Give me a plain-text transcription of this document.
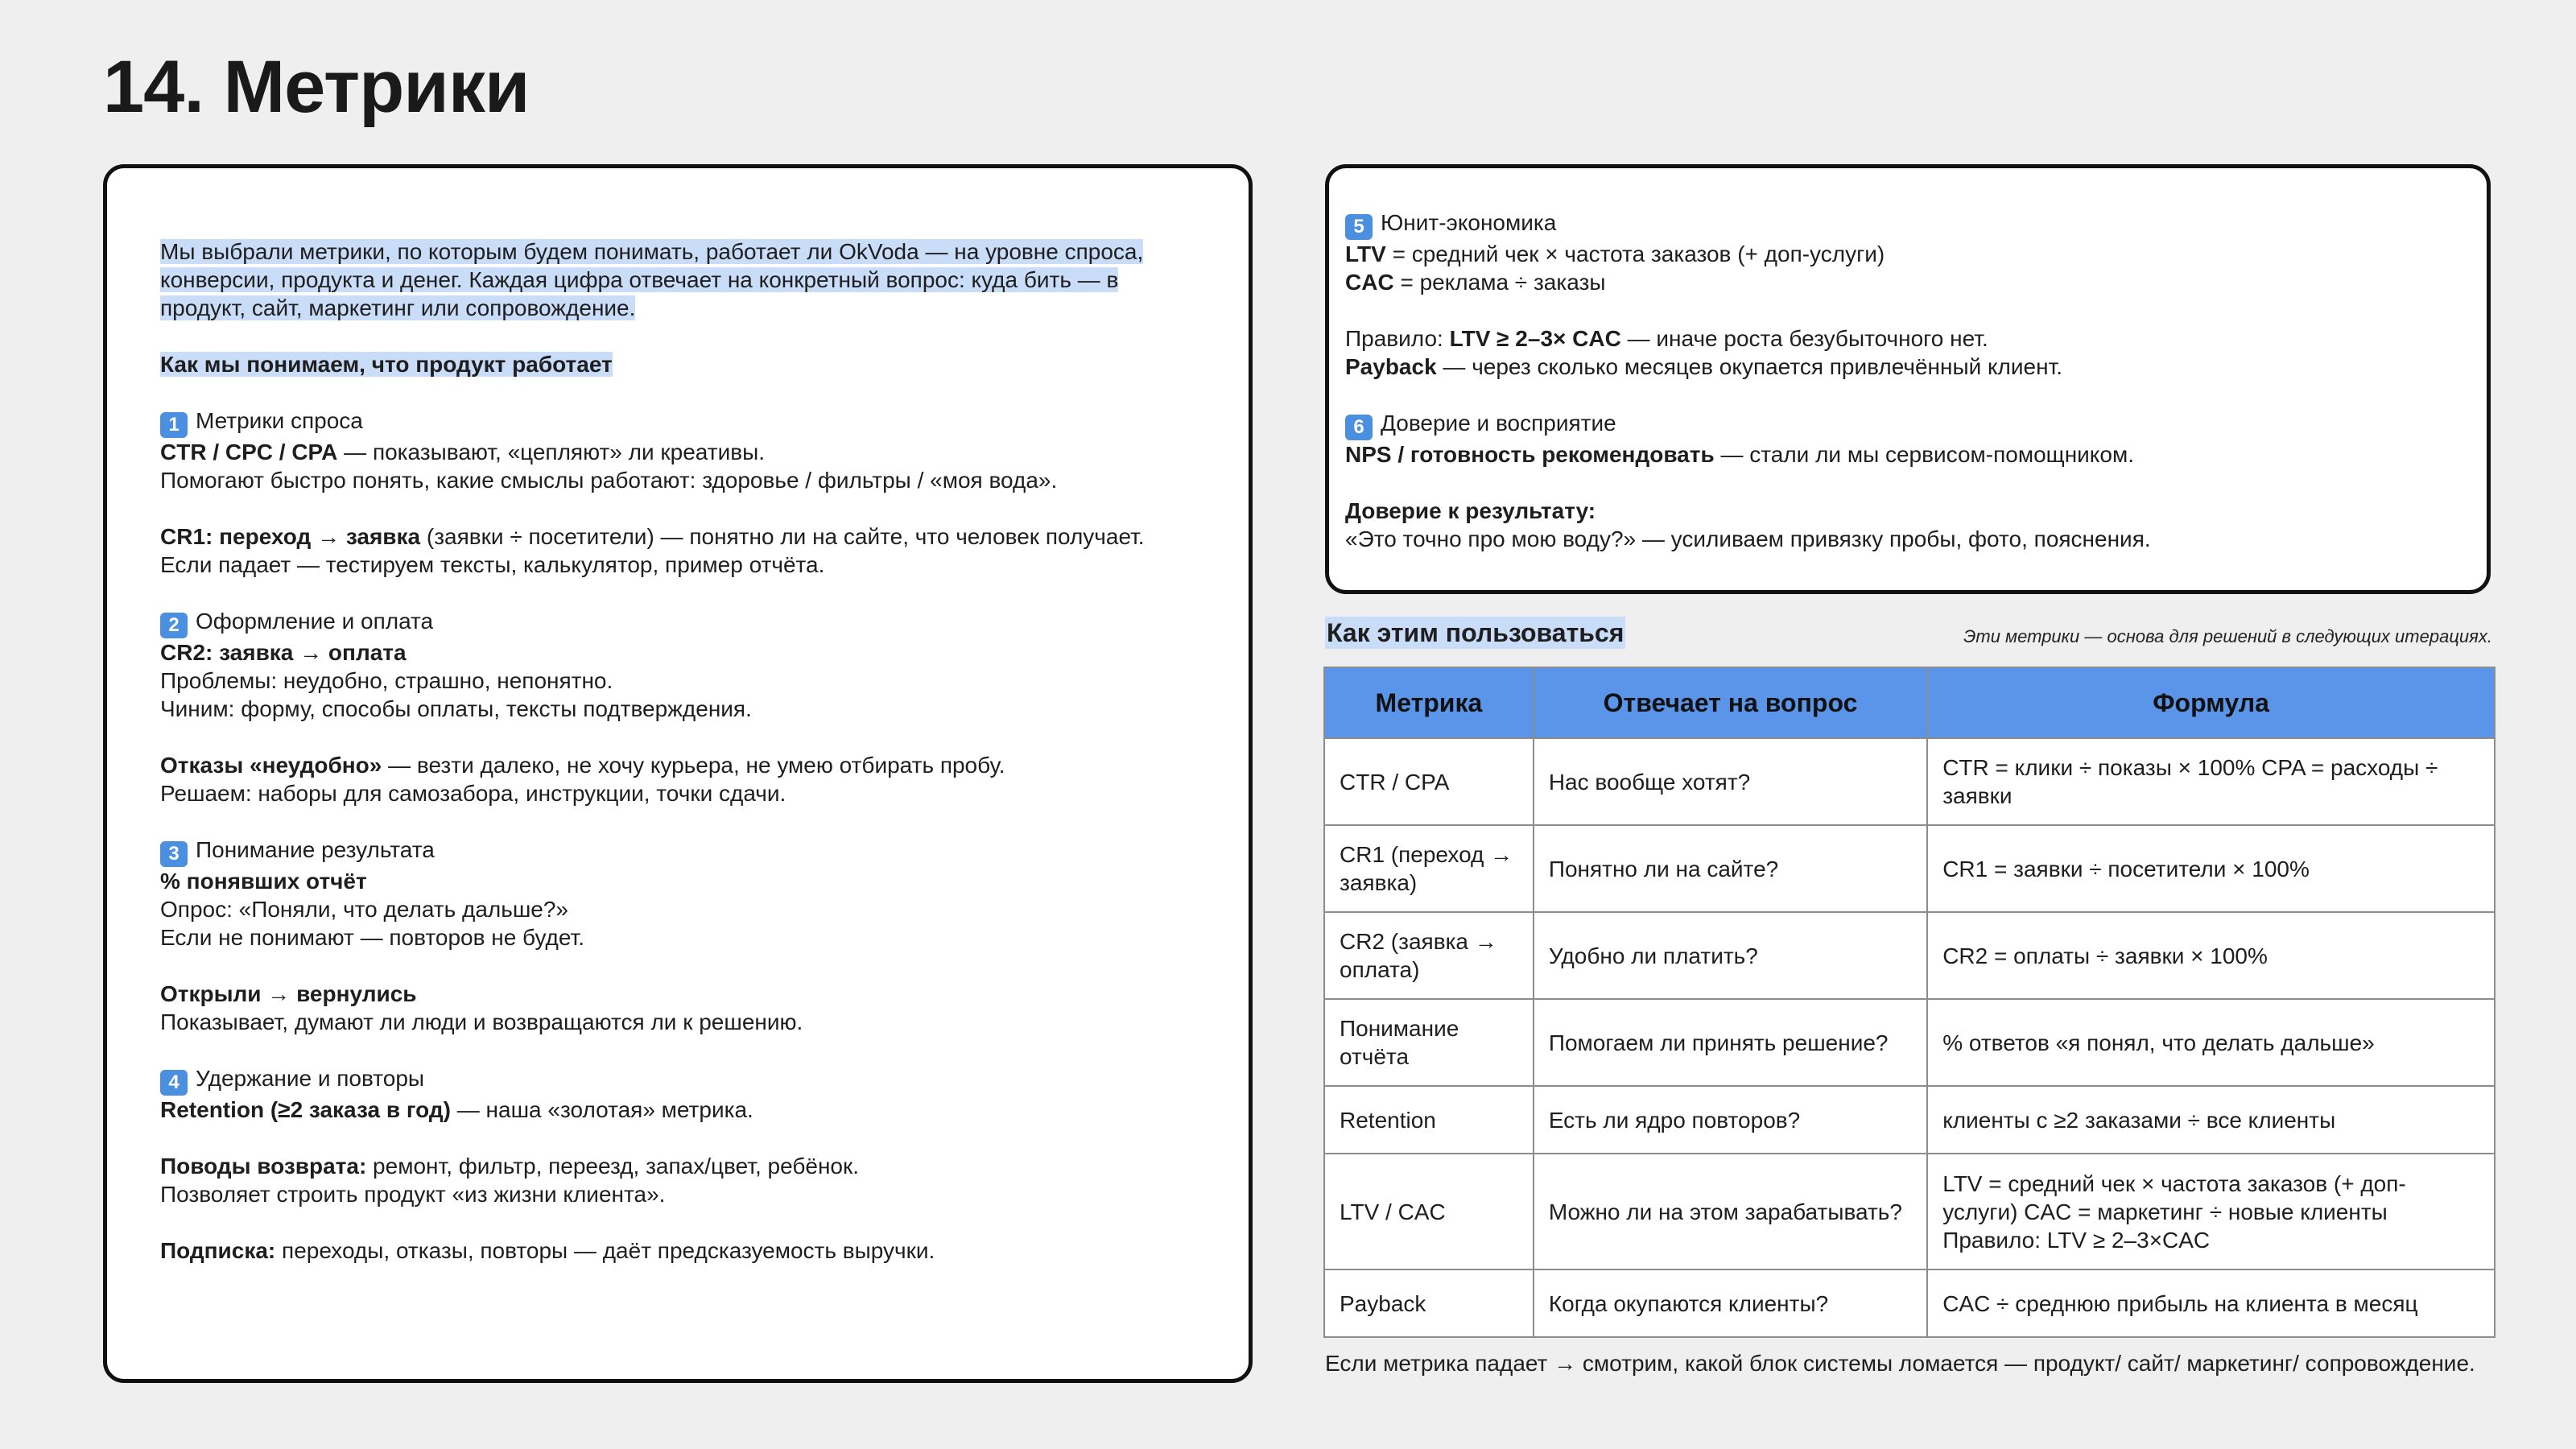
14. Метрики

Мы выбрали метрики, по которым будем понимать, работает ли OkVoda — на уровне спроса, конверсии, продукта и денег. Каждая цифра отвечает на конкретный вопрос: куда бить — в продукт, сайт, маркетинг или сопровождение.

Как мы понимаем, что продукт работает

1 Метрики спроса

CTR / CPC / CPA — показывают, «цепляют» ли креативы.

Помогают быстро понять, какие смыслы работают: здоровье / фильтры / «моя вода».

CR1: переход → заявка (заявки ÷ посетители) — понятно ли на сайте, что человек получает.

Если падает — тестируем тексты, калькулятор, пример отчёта.

2 Оформление и оплата

CR2: заявка → оплата

Проблемы: неудобно, страшно, непонятно.

Чиним: форму, способы оплаты, тексты подтверждения.

Отказы «неудобно» — везти далеко, не хочу курьера, не умею отбирать пробу.

Решаем: наборы для самозабора, инструкции, точки сдачи.

3 Понимание результата

% понявших отчёт

Опрос: «Поняли, что делать дальше?»

Если не понимают — повторов не будет.

Открыли → вернулись

Показывает, думают ли люди и возвращаются ли к решению.

4 Удержание и повторы

Retention (≥2 заказа в год) — наша «золотая» метрика.

Поводы возврата: ремонт, фильтр, переезд, запах/цвет, ребёнок.

Позволяет строить продукт «из жизни клиента».

Подписка: переходы, отказы, повторы — даёт предсказуемость выручки.

5 Юнит-экономика

LTV = средний чек × частота заказов (+ доп-услуги)

CAC = реклама ÷ заказы

Правило: LTV ≥ 2–3× CAC — иначе роста безубыточного нет.

Payback — через сколько месяцев окупается привлечённый клиент.

6 Доверие и восприятие

NPS / готовность рекомендовать — стали ли мы сервисом-помощником.

Доверие к результату:

«Это точно про мою воду?» — усиливаем привязку пробы, фото, пояснения.

Как этим пользоваться	Эти метрики — основа для решений в следующих итерациях.
Метрика	Отвечает на вопрос	Формула
CTR / CPA	Нас вообще хотят?	CTR = клики ÷ показы × 100% CPA = расходы ÷ заявки
CR1 (переход → заявка)	Понятно ли на сайте?	CR1 = заявки ÷ посетители × 100%
CR2 (заявка → оплата)	Удобно ли платить?	CR2 = оплаты ÷ заявки × 100%
Понимание отчёта	Помогаем ли принять решение?	% ответов «я понял, что делать дальше»
Retention	Есть ли ядро повторов?	клиенты с ≥2 заказами ÷ все клиенты
LTV / CAC	Можно ли на этом зарабатывать?	LTV = средний чек × частота заказов (+ доп-услуги) CAC = маркетинг ÷ новые клиенты Правило: LTV ≥ 2–3×CAC
Payback	Когда окупаются клиенты?	CAC ÷ среднюю прибыль на клиента в месяц
Если метрика падает → смотрим, какой блок системы ломается — продукт/ сайт/ маркетинг/ сопровождение.
